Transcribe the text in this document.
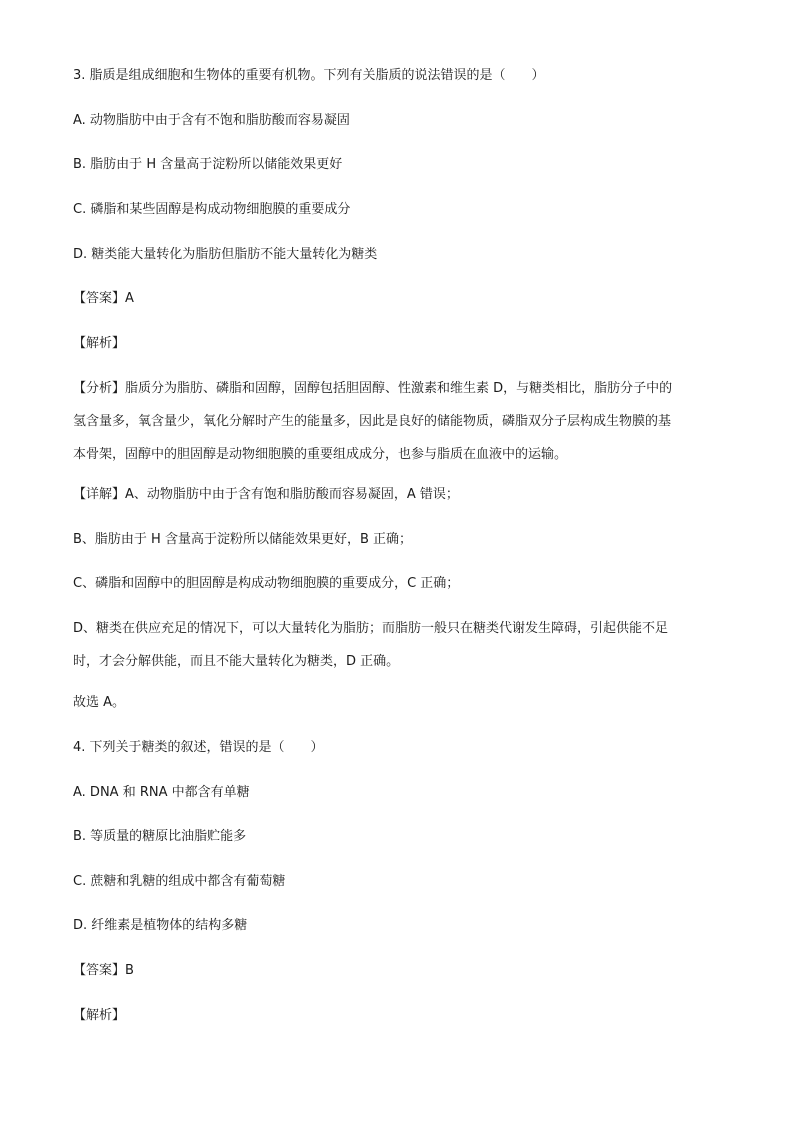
3. 脂质是组成细胞和生物体的重要有机物。下列有关脂质的说法错误的是（　　）
A. 动物脂肪中由于含有不饱和脂肪酸而容易凝固
B. 脂肪由于 H 含量高于淀粉所以储能效果更好
C. 磷脂和某些固醇是构成动物细胞膜的重要成分
D. 糖类能大量转化为脂肪但脂肪不能大量转化为糖类
【答案】A
【解析】
【分析】脂质分为脂肪、磷脂和固醇，固醇包括胆固醇、性激素和维生素 D，与糖类相比，脂肪分子中的
氢含量多，氧含量少，氧化分解时产生的能量多，因此是良好的储能物质，磷脂双分子层构成生物膜的基
本骨架，固醇中的胆固醇是动物细胞膜的重要组成成分，也参与脂质在血液中的运输。
【详解】A、动物脂肪中由于含有饱和脂肪酸而容易凝固，A 错误；
B、脂肪由于 H 含量高于淀粉所以储能效果更好，B 正确；
C、磷脂和固醇中的胆固醇是构成动物细胞膜的重要成分，C 正确；
D、糖类在供应充足的情况下，可以大量转化为脂肪；而脂肪一般只在糖类代谢发生障碍，引起供能不足
时，才会分解供能，而且不能大量转化为糖类，D 正确。
故选 A。
4. 下列关于糖类的叙述，错误的是（　　）
A. DNA 和 RNA 中都含有单糖
B. 等质量的糖原比油脂贮能多
C. 蔗糖和乳糖的组成中都含有葡萄糖
D. 纤维素是植物体的结构多糖
【答案】B
【解析】
